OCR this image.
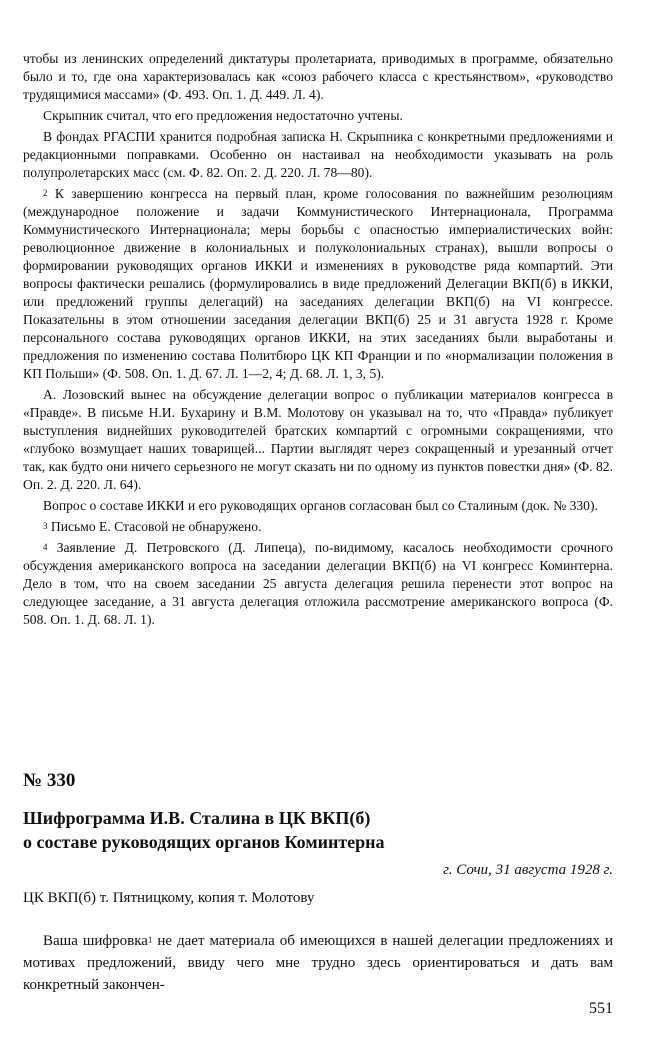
чтобы из ленинских определений диктатуры пролетариата, приводимых в программе, обязательно было и то, где она характеризовалась как «союз рабочего класса с крестьянством», «руководство трудящимися массами» (Ф. 493. Оп. 1. Д. 449. Л. 4).

Скрыпник считал, что его предложения недостаточно учтены.

В фондах РГАСПИ хранится подробная записка Н. Скрыпника с конкретными предложениями и редакционными поправками. Особенно он настаивал на необходимости указывать на роль полупролетарских масс (см. Ф. 82. Оп. 2. Д. 220. Л. 78—80).

$^2$ К завершению конгресса на первый план, кроме голосования по важнейшим резолюциям (международное положение и задачи Коммунистического Интернационала, Программа Коммунистического Интернационала; меры борьбы с опасностью империалистических войн: революционное движение в колониальных и полуколониальных странах), вышли вопросы о формировании руководящих органов ИККИ и изменениях в руководстве ряда компартий. Эти вопросы фактически решались (формулировались в виде предложений Делегации ВКП(б) в ИККИ, или предложений группы делегаций) на заседаниях делегации ВКП(б) на VI конгрессе. Показательны в этом отношении заседания делегации ВКП(б) 25 и 31 августа 1928 г. Кроме персонального состава руководящих органов ИККИ, на этих заседаниях были выработаны и предложения по изменению состава Политбюро ЦК КП Франции и по «нормализации положения в КП Польши» (Ф. 508. Оп. 1. Д. 67. Л. 1—2, 4; Д. 68. Л. 1, 3, 5).

А. Лозовский вынес на обсуждение делегации вопрос о публикации материалов конгресса в «Правде». В письме Н.И. Бухарину и В.М. Молотову он указывал на то, что «Правда» публикует выступления виднейших руководителей братских компартий с огромными сокращениями, что «глубоко возмущает наших товарищей... Партии выглядят через сокращенный и урезанный отчет так, как будто они ничего серьезного не могут сказать ни по одному из пунктов повестки дня» (Ф. 82. Оп. 2. Д. 220. Л. 64).

Вопрос о составе ИККИ и его руководящих органов согласован был со Сталиным (док. № 330).

$^3$ Письмо Е. Стасовой не обнаружено.

$^4$ Заявление Д. Петровского (Д. Липеца), по-видимому, касалось необходимости срочного обсуждения американского вопроса на заседании делегации ВКП(б) на VI конгресс Коминтерна. Дело в том, что на своем заседании 25 августа делегация решила перенести этот вопрос на следующее заседание, а 31 августа делегация отложила рассмотрение американского вопроса (Ф. 508. Оп. 1. Д. 68. Л. 1).

№ 330
Шифрограмма И.В. Сталина в ЦК ВКП(б)
о составе руководящих органов Коминтерна
г. Сочи, 31 августа 1928 г.
ЦК ВКП(б) т. Пятницкому, копия т. Молотову

Ваша шифровка$^1$ не дает материала об имеющихся в нашей делегации предложениях и мотивах предложений, ввиду чего мне трудно здесь ориентироваться и дать вам конкретный закончен-

551
